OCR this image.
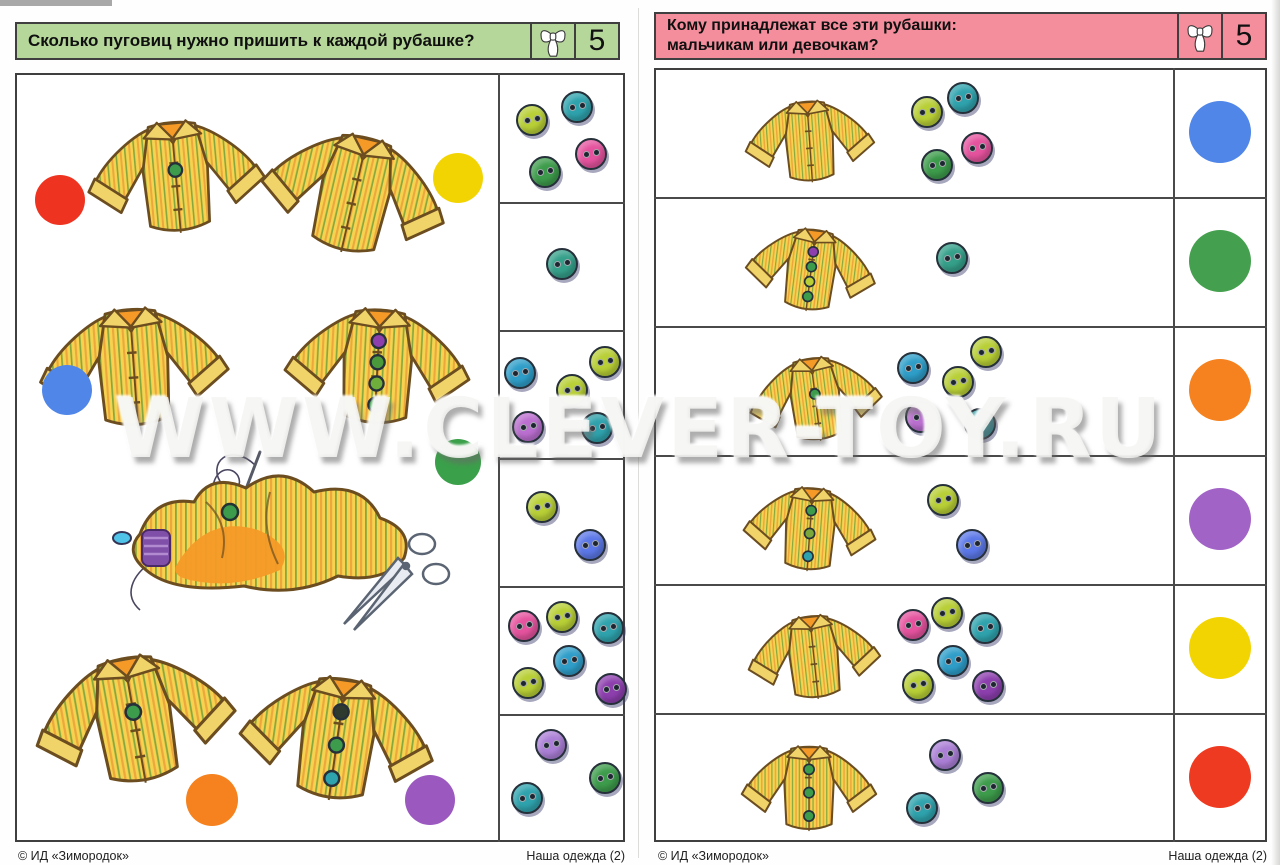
Сколько пуговиц нужно пришить к каждой рубашке?	5	Кому принадлежат все эти рубашки:
мальчикам или девочкам?	5
WWW.CLEVER-TOY.RU
© ИД «Зимородок»	Наша одежда (2)	© ИД «Зимородок»	Наша одежда (2)
